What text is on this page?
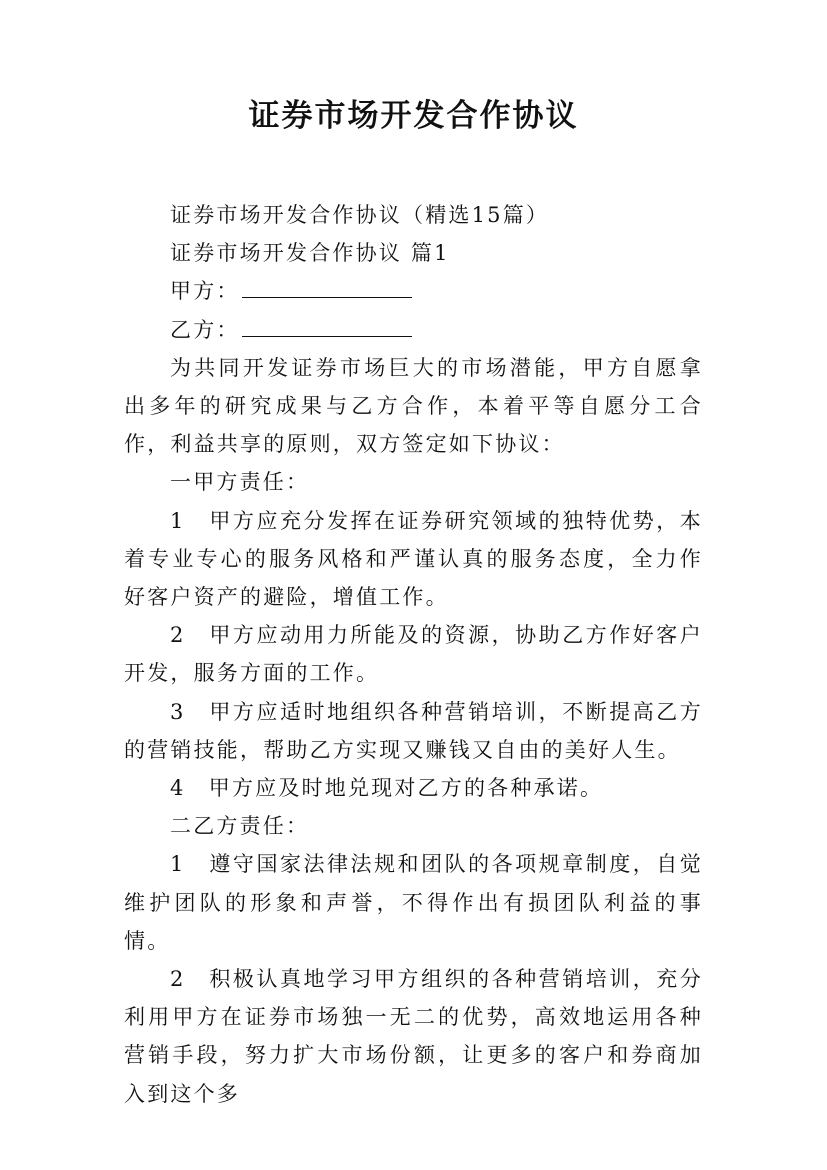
证券市场开发合作协议

证券市场开发合作协议（精选15篇）

证券市场开发合作协议 篇1

甲方：

乙方：

为共同开发证券市场巨大的市场潜能，甲方自愿拿出多年的研究成果与乙方合作，本着平等自愿分工合作，利益共享的原则，双方签定如下协议：

一甲方责任：

1　甲方应充分发挥在证券研究领域的独特优势，本着专业专心的服务风格和严谨认真的服务态度，全力作好客户资产的避险，增值工作。

2　甲方应动用力所能及的资源，协助乙方作好客户开发，服务方面的工作。

3　甲方应适时地组织各种营销培训，不断提高乙方的营销技能，帮助乙方实现又赚钱又自由的美好人生。

4　甲方应及时地兑现对乙方的各种承诺。

二乙方责任：

1　遵守国家法律法规和团队的各项规章制度，自觉维护团队的形象和声誉，不得作出有损团队利益的事情。

2　积极认真地学习甲方组织的各种营销培训，充分利用甲方在证券市场独一无二的优势，高效地运用各种营销手段，努力扩大市场份额，让更多的客户和券商加入到这个多
